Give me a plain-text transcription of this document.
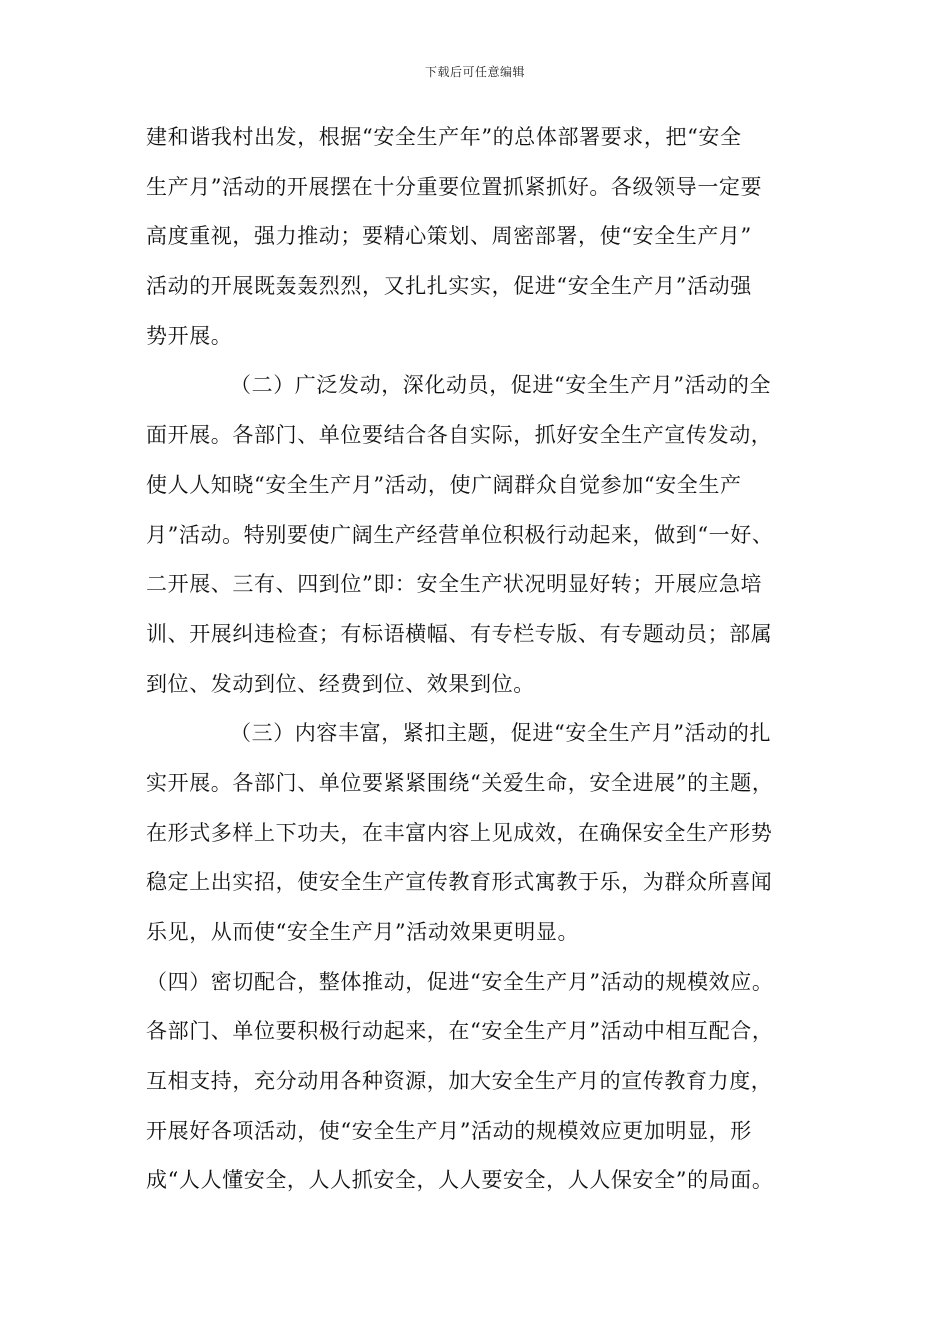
下载后可任意编辑
建和谐我村出发，根据“安全生产年”的总体部署要求，把“安全
生产月”活动的开展摆在十分重要位置抓紧抓好。各级领导一定要
高度重视，强力推动；要精心策划、周密部署，使“安全生产月”
活动的开展既轰轰烈烈，又扎扎实实，促进“安全生产月”活动强
势开展。
（二）广泛发动，深化动员，促进“安全生产月”活动的全
面开展。各部门、单位要结合各自实际，抓好安全生产宣传发动，
使人人知晓“安全生产月”活动，使广阔群众自觉参加“安全生产
月”活动。特别要使广阔生产经营单位积极行动起来，做到“一好、
二开展、三有、四到位”即：安全生产状况明显好转；开展应急培
训、开展纠违检查；有标语横幅、有专栏专版、有专题动员；部属
到位、发动到位、经费到位、效果到位。
（三）内容丰富，紧扣主题，促进“安全生产月”活动的扎
实开展。各部门、单位要紧紧围绕“关爱生命，安全进展”的主题，
在形式多样上下功夫，在丰富内容上见成效，在确保安全生产形势
稳定上出实招，使安全生产宣传教育形式寓教于乐，为群众所喜闻
乐见，从而使“安全生产月”活动效果更明显。
（四）密切配合，整体推动，促进“安全生产月”活动的规模效应。
各部门、单位要积极行动起来，在“安全生产月”活动中相互配合，
互相支持，充分动用各种资源，加大安全生产月的宣传教育力度，
开展好各项活动，使“安全生产月”活动的规模效应更加明显，形
成“人人懂安全，人人抓安全，人人要安全，人人保安全”的局面。
